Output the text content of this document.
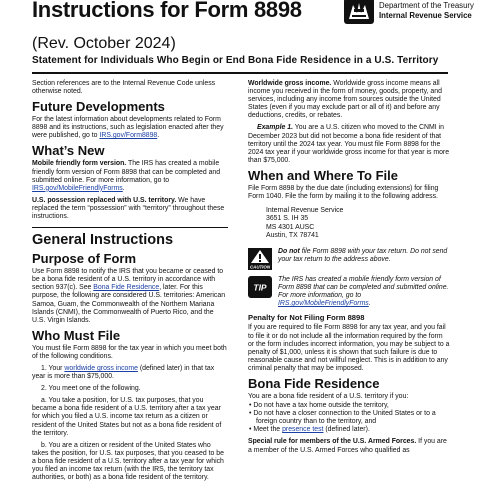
Instructions for Form 8898
(Rev. October 2024)
Statement for Individuals Who Begin or End Bona Fide Residence in a U.S. Territory
Department of the Treasury
Internal Revenue Service

Section references are to the Internal Revenue Code unless otherwise noted.

Future Developments

For the latest information about developments related to Form 8898 and its instructions, such as legislation enacted after they were published, go to IRS.gov/Form8898.

What’s New

Mobile friendly form version. The IRS has created a mobile friendly form version of Form 8898 that can be completed and submitted online. For more information, go to IRS.gov/MobileFriendlyForms.

U.S. possession replaced with U.S. territory. We have replaced the term “possession” with “territory” throughout these instructions.

General Instructions
Purpose of Form

Use Form 8898 to notify the IRS that you became or ceased to be a bona fide resident of a U.S. territory in accordance with section 937(c). See Bona Fide Residence, later. For this purpose, the following are considered U.S. territories: American Samoa, Guam, the Commonwealth of the Northern Mariana Islands (CNMI), the Commonwealth of Puerto Rico, and the U.S. Virgin Islands.

Who Must File

You must file Form 8898 for the tax year in which you meet both of the following conditions.

1. Your worldwide gross income (defined later) in that tax year is more than $75,000.

2. You meet one of the following.

a. You take a position, for U.S. tax purposes, that you became a bona fide resident of a U.S. territory after a tax year for which you filed a U.S. income tax return as a citizen or resident of the United States but not as a bona fide resident of the territory.

b. You are a citizen or resident of the United States who takes the position, for U.S. tax purposes, that you ceased to be a bona fide resident of a U.S. territory after a tax year for which you filed an income tax return (with the IRS, the territory tax authorities, or both) as a bona fide resident of the territory.

Worldwide gross income. Worldwide gross income means all income you received in the form of money, goods, property, and services, including any income from sources outside the United States (even if you may exclude part or all of it) and before any deductions, credits, or rebates.

Example 1. You are a U.S. citizen who moved to the CNMI in December 2023 but did not become a bona fide resident of that territory until the 2024 tax year. You must file Form 8898 for the 2024 tax year if your worldwide gross income for that year is more than $75,000.

When and Where To File

File Form 8898 by the due date (including extensions) for filing Form 1040. File the form by mailing it to the following address.

Internal Revenue Service
3651 S. IH 35
MS 4301 AUSC
Austin, TX 78741
CAUTION
Do not file Form 8898 with your tax return. Do not send your tax return to the address above.
TIP
The IRS has created a mobile friendly form version of Form 8898 that can be completed and submitted online. For more information, go to IRS.gov/MobileFriendlyForms.
Penalty for Not Filing Form 8898

If you are required to file Form 8898 for any tax year, and you fail to file it or do not include all the information required by the form or the form includes incorrect information, you may be subject to a penalty of $1,000, unless it is shown that such failure is due to reasonable cause and not willful neglect. This is in addition to any criminal penalty that may be imposed.

Bona Fide Residence

You are a bona fide resident of a U.S. territory if you:

• Do not have a tax home outside the territory,

• Do not have a closer connection to the United States or to a foreign country than to the territory, and

• Meet the presence test (defined later).

Special rule for members of the U.S. Armed Forces. If you are a member of the U.S. Armed Forces who qualified as
